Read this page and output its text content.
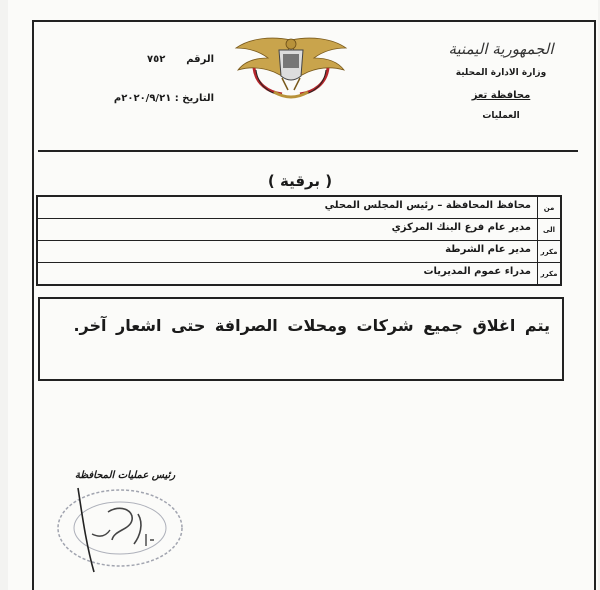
الجمهورية اليمنية
وزارة الادارة المحلية
محافظة تعز
العمليات
الرقم      ٧٥٢
التاريخ : ٢٠٢٠/٩/٢١م
( برقية )
من
محافظ المحافظة – رئيس المجلس المحلي
الى
مدير عام فرع البنك المركزي
مكرر
مدير عام الشرطة
مكرر
مدراء عموم المديريات

يتم اغلاق جميع شركات ومحلات الصرافة حتى اشعار آخر.

رئيس عمليات المحافظة
